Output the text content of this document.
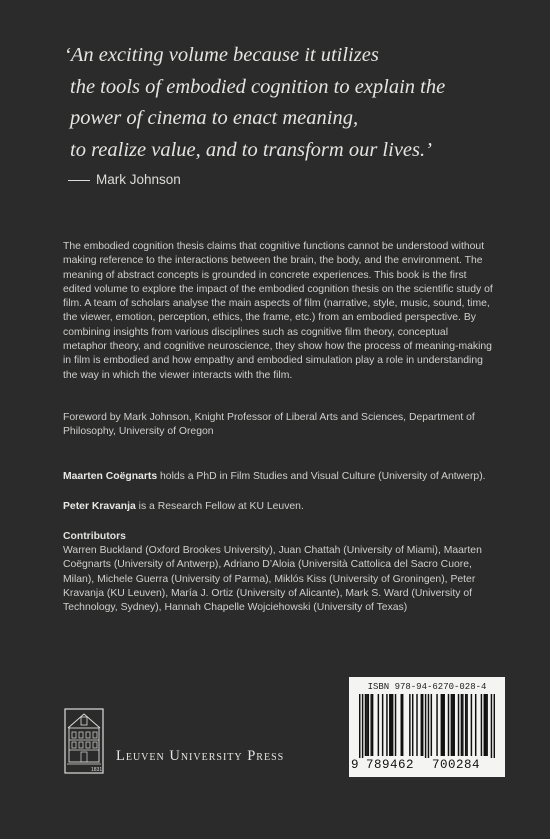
‘An exciting volume because it utilizes

the tools of embodied cognition to explain the

power of cinema to enact meaning,

to realize value, and to transform our lives.’

Mark Johnson

The embodied cognition thesis claims that cognitive functions cannot be understood without making reference to the interactions between the brain, the body, and the environment. The meaning of abstract concepts is grounded in concrete experiences. This book is the first edited volume to explore the impact of the embodied cognition thesis on the scientific study of film. A team of scholars analyse the main aspects of film (narrative, style, music, sound, time, the viewer, emotion, perception, ethics, the frame, etc.) from an embodied perspective. By combining insights from various disciplines such as cognitive film theory, conceptual metaphor theory, and cognitive neuroscience, they show how the process of meaning-making in film is embodied and how empathy and embodied simulation play a role in understanding the way in which the viewer interacts with the film.

Foreword by Mark Johnson, Knight Professor of Liberal Arts and Sciences, Department of Philosophy, University of Oregon

Maarten Coëgnarts holds a PhD in Film Studies and Visual Culture (University of Antwerp).

Peter Kravanja is a Research Fellow at KU Leuven.

Contributors

Warren Buckland (Oxford Brookes University), Juan Chattah (University of Miami), Maarten Coëgnarts (University of Antwerp), Adriano D’Aloia (Università Cattolica del Sacro Cuore, Milan), Michele Guerra (University of Parma), Miklós Kiss (University of Groningen), Peter Kravanja (KU Leuven), María J. Ortiz (University of Alicante), Mark S. Ward (University of Technology, Sydney), Hannah Chapelle Wojciehowski (University of Texas)

1831
Leuven University Press
ISBN 978-94-6270-028-4
9 789462 700284
